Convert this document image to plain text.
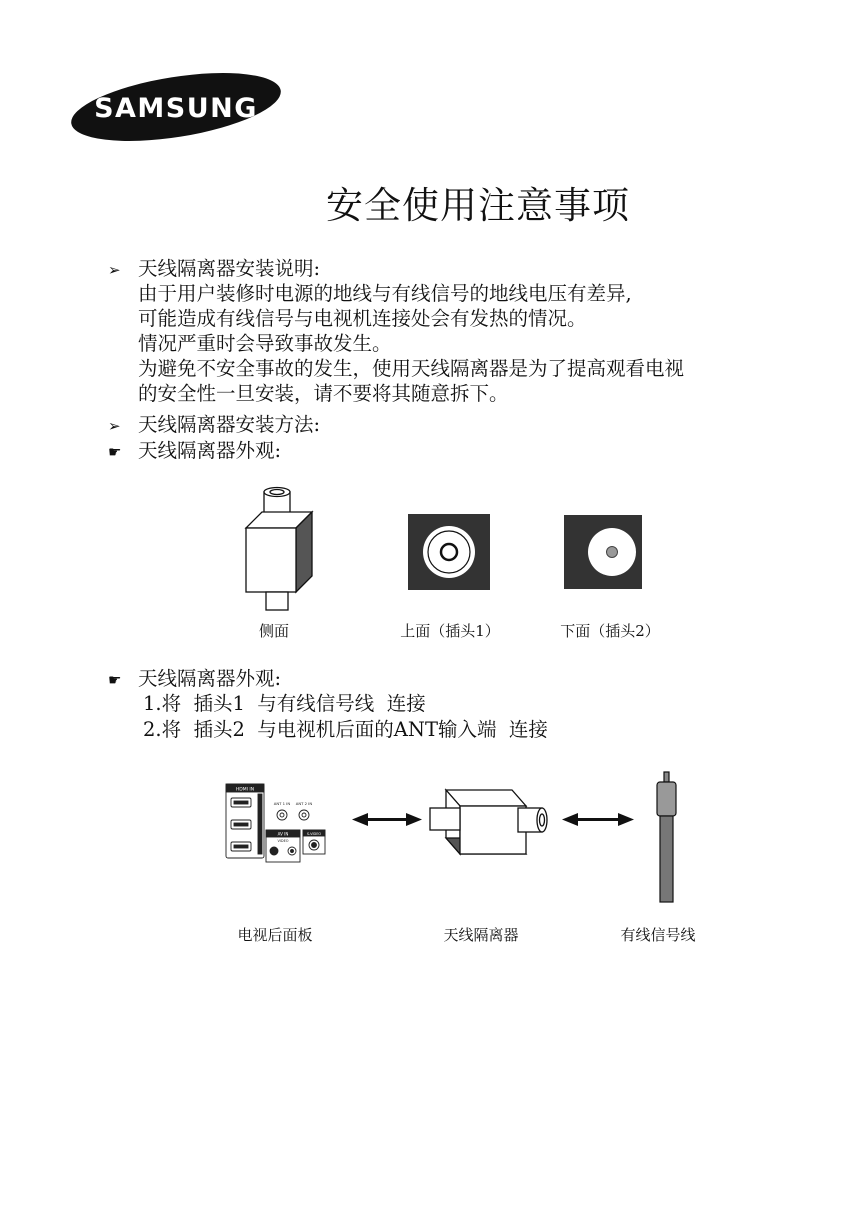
SAMSUNG
安全使用注意事项
➢ 天线隔离器安装说明:
由于用户装修时电源的地线与有线信号的地线电压有差异,
可能造成有线信号与电视机连接处会有发热的情况。
情况严重时会导致事故发生。
为避免不安全事故的发生，使用天线隔离器是为了提高观看电视
的安全性一旦安装，请不要将其随意拆下。
➢ 天线隔离器安装方法:
☛ 天线隔离器外观:
侧面	上面（插头1）	下面（插头2）
☛ 天线隔离器外观:
1.将  插头1  与有线信号线  连接
2.将  插头2  与电视机后面的ANT输入端  连接
HDMI IN
ANT 1 IN ANT 2 IN
AV IN
VIDEO
S-VIDEO
电视后面板	天线隔离器	有线信号线
